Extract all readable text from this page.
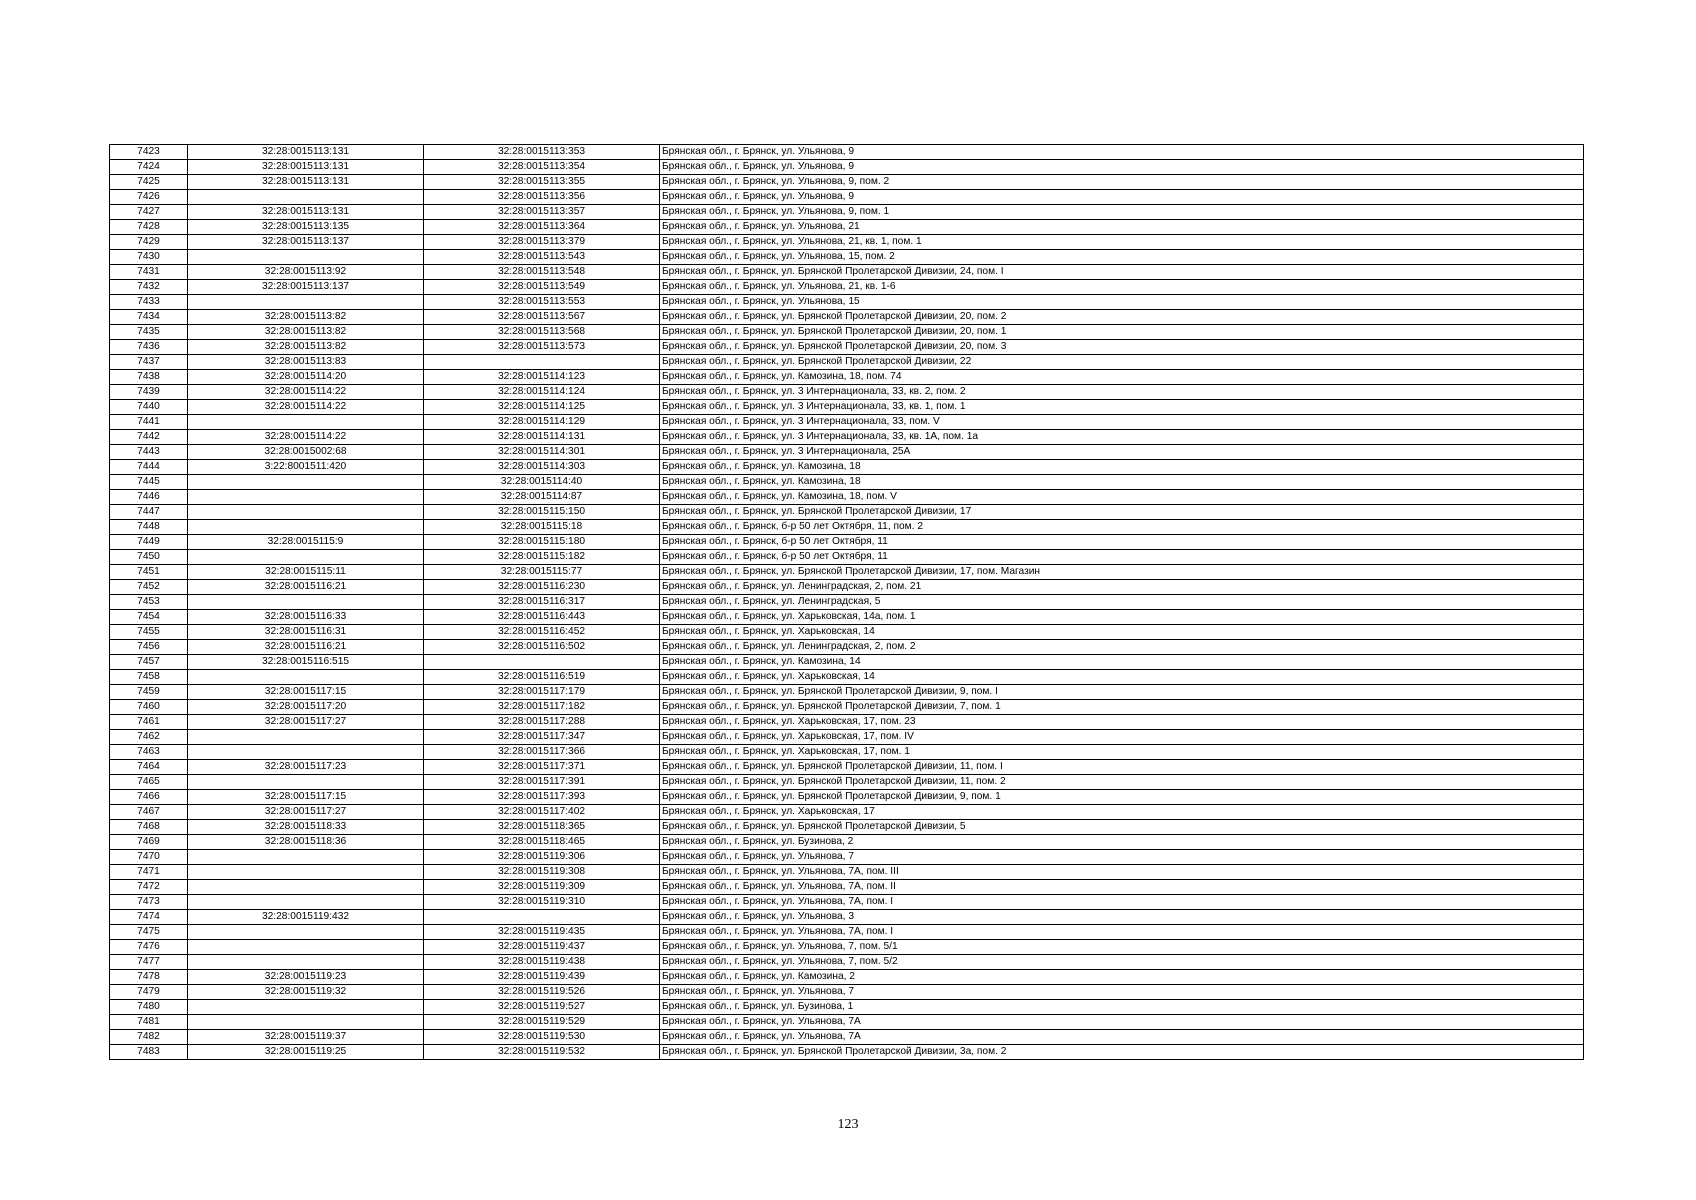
7423	32:28:0015113:131	32:28:0015113:353	Брянская обл., г. Брянск, ул. Ульянова, 9
7424	32:28:0015113:131	32:28:0015113:354	Брянская обл., г. Брянск, ул. Ульянова, 9
7425	32:28:0015113:131	32:28:0015113:355	Брянская обл., г. Брянск, ул. Ульянова, 9, пом. 2
7426		32:28:0015113:356	Брянская обл., г. Брянск, ул. Ульянова, 9
7427	32:28:0015113:131	32:28:0015113:357	Брянская обл., г. Брянск, ул. Ульянова, 9, пом. 1
7428	32:28:0015113:135	32:28:0015113:364	Брянская обл., г. Брянск, ул. Ульянова, 21
7429	32:28:0015113:137	32:28:0015113:379	Брянская обл., г. Брянск, ул. Ульянова, 21, кв. 1, пом. 1
7430		32:28:0015113:543	Брянская обл., г. Брянск, ул. Ульянова, 15, пом. 2
7431	32:28:0015113:92	32:28:0015113:548	Брянская обл., г. Брянск, ул. Брянской Пролетарской Дивизии, 24, пом. I
7432	32:28:0015113:137	32:28:0015113:549	Брянская обл., г. Брянск, ул. Ульянова, 21, кв. 1-6
7433		32:28:0015113:553	Брянская обл., г. Брянск, ул. Ульянова, 15
7434	32:28:0015113:82	32:28:0015113:567	Брянская обл., г. Брянск, ул. Брянской Пролетарской Дивизии, 20, пом. 2
7435	32:28:0015113:82	32:28:0015113:568	Брянская обл., г. Брянск, ул. Брянской Пролетарской Дивизии, 20, пом. 1
7436	32:28:0015113:82	32:28:0015113:573	Брянская обл., г. Брянск, ул. Брянской Пролетарской Дивизии, 20, пом. 3
7437	32:28:0015113:83		Брянская обл., г. Брянск, ул. Брянской Пролетарской Дивизии, 22
7438	32:28:0015114:20	32:28:0015114:123	Брянская обл., г. Брянск, ул. Камозина, 18, пом. 74
7439	32:28:0015114:22	32:28:0015114:124	Брянская обл., г. Брянск, ул. 3 Интернационала, 33, кв. 2, пом. 2
7440	32:28:0015114:22	32:28:0015114:125	Брянская обл., г. Брянск, ул. 3 Интернационала, 33, кв. 1, пом. 1
7441		32:28:0015114:129	Брянская обл., г. Брянск, ул. 3 Интернационала, 33, пом. V
7442	32:28:0015114:22	32:28:0015114:131	Брянская обл., г. Брянск, ул. 3 Интернационала, 33, кв. 1А, пом. 1а
7443	32:28:0015002:68	32:28:0015114:301	Брянская обл., г. Брянск, ул. 3 Интернационала, 25А
7444	3:22:8001511:420	32:28:0015114:303	Брянская обл., г. Брянск, ул. Камозина, 18
7445		32:28:0015114:40	Брянская обл., г. Брянск, ул. Камозина, 18
7446		32:28:0015114:87	Брянская обл., г. Брянск, ул. Камозина, 18, пом. V
7447		32:28:0015115:150	Брянская обл., г. Брянск, ул. Брянской Пролетарской Дивизии, 17
7448		32:28:0015115:18	Брянская обл., г. Брянск, б-р 50 лет Октября, 11, пом. 2
7449	32:28:0015115:9	32:28:0015115:180	Брянская обл., г. Брянск, б-р 50 лет Октября, 11
7450		32:28:0015115:182	Брянская обл., г. Брянск, б-р 50 лет Октября, 11
7451	32:28:0015115:11	32:28:0015115:77	Брянская обл., г. Брянск, ул. Брянской Пролетарской Дивизии, 17, пом. Магазин
7452	32:28:0015116:21	32:28:0015116:230	Брянская обл., г. Брянск, ул. Ленинградская, 2, пом. 21
7453		32:28:0015116:317	Брянская обл., г. Брянск, ул. Ленинградская, 5
7454	32:28:0015116:33	32:28:0015116:443	Брянская обл., г. Брянск, ул. Харьковская, 14а, пом. 1
7455	32:28:0015116:31	32:28:0015116:452	Брянская обл., г. Брянск, ул. Харьковская, 14
7456	32:28:0015116:21	32:28:0015116:502	Брянская обл., г. Брянск, ул. Ленинградская, 2, пом. 2
7457	32:28:0015116:515		Брянская обл., г. Брянск, ул. Камозина, 14
7458		32:28:0015116:519	Брянская обл., г. Брянск, ул. Харьковская, 14
7459	32:28:0015117:15	32:28:0015117:179	Брянская обл., г. Брянск, ул. Брянской Пролетарской Дивизии, 9, пом. I
7460	32:28:0015117:20	32:28:0015117:182	Брянская обл., г. Брянск, ул. Брянской Пролетарской Дивизии, 7, пом. 1
7461	32:28:0015117:27	32:28:0015117:288	Брянская обл., г. Брянск, ул. Харьковская, 17, пом. 23
7462		32:28:0015117:347	Брянская обл., г. Брянск, ул. Харьковская, 17, пом. IV
7463		32:28:0015117:366	Брянская обл., г. Брянск, ул. Харьковская, 17, пом. 1
7464	32:28:0015117:23	32:28:0015117:371	Брянская обл., г. Брянск, ул. Брянской Пролетарской Дивизии, 11, пом. I
7465		32:28:0015117:391	Брянская обл., г. Брянск, ул. Брянской Пролетарской Дивизии, 11, пом. 2
7466	32:28:0015117:15	32:28:0015117:393	Брянская обл., г. Брянск, ул. Брянской Пролетарской Дивизии, 9, пом. 1
7467	32:28:0015117:27	32:28:0015117:402	Брянская обл., г. Брянск, ул. Харьковская, 17
7468	32:28:0015118:33	32:28:0015118:365	Брянская обл., г. Брянск, ул. Брянской Пролетарской Дивизии, 5
7469	32:28:0015118:36	32:28:0015118:465	Брянская обл., г. Брянск, ул. Бузинова, 2
7470		32:28:0015119:306	Брянская обл., г. Брянск, ул. Ульянова, 7
7471		32:28:0015119:308	Брянская обл., г. Брянск, ул. Ульянова, 7А, пом. III
7472		32:28:0015119:309	Брянская обл., г. Брянск, ул. Ульянова, 7А, пом. II
7473		32:28:0015119:310	Брянская обл., г. Брянск, ул. Ульянова, 7А, пом. I
7474	32:28:0015119:432		Брянская обл., г. Брянск, ул. Ульянова, 3
7475		32:28:0015119:435	Брянская обл., г. Брянск, ул. Ульянова, 7А, пом. I
7476		32:28:0015119:437	Брянская обл., г. Брянск, ул. Ульянова, 7, пом. 5/1
7477		32:28:0015119:438	Брянская обл., г. Брянск, ул. Ульянова, 7, пом. 5/2
7478	32:28:0015119:23	32:28:0015119:439	Брянская обл., г. Брянск, ул. Камозина, 2
7479	32:28:0015119:32	32:28:0015119:526	Брянская обл., г. Брянск, ул. Ульянова, 7
7480		32:28:0015119:527	Брянская обл., г. Брянск, ул. Бузинова, 1
7481		32:28:0015119:529	Брянская обл., г. Брянск, ул. Ульянова, 7А
7482	32:28:0015119:37	32:28:0015119:530	Брянская обл., г. Брянск, ул. Ульянова, 7А
7483	32:28:0015119:25	32:28:0015119:532	Брянская обл., г. Брянск, ул. Брянской Пролетарской Дивизии, 3а, пом. 2
123
